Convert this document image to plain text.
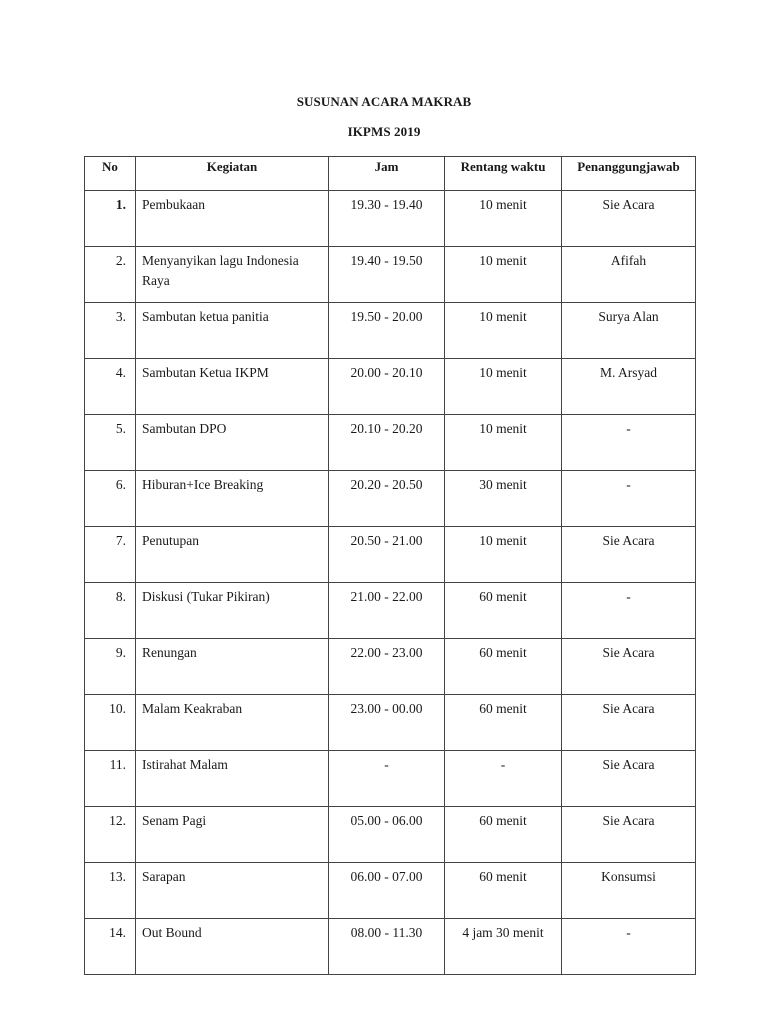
SUSUNAN ACARA MAKRAB
IKPMS 2019
No	Kegiatan	Jam	Rentang waktu	Penanggungjawab
1.	Pembukaan	19.30 - 19.40	10 menit	Sie Acara
2.	Menyanyikan lagu Indonesia Raya	19.40 - 19.50	10 menit	Afifah
3.	Sambutan ketua panitia	19.50 - 20.00	10 menit	Surya Alan
4.	Sambutan Ketua IKPM	20.00 - 20.10	10 menit	M. Arsyad
5.	Sambutan DPO	20.10 - 20.20	10 menit	-
6.	Hiburan+Ice Breaking	20.20 - 20.50	30 menit	-
7.	Penutupan	20.50 - 21.00	10 menit	Sie Acara
8.	Diskusi (Tukar Pikiran)	21.00 - 22.00	60 menit	-
9.	Renungan	22.00 - 23.00	60 menit	Sie Acara
10.	Malam Keakraban	23.00 - 00.00	60 menit	Sie Acara
11.	Istirahat Malam	-	-	Sie Acara
12.	Senam Pagi	05.00 - 06.00	60 menit	Sie Acara
13.	Sarapan	06.00 - 07.00	60 menit	Konsumsi
14.	Out Bound	08.00 - 11.30	4 jam 30 menit	-
